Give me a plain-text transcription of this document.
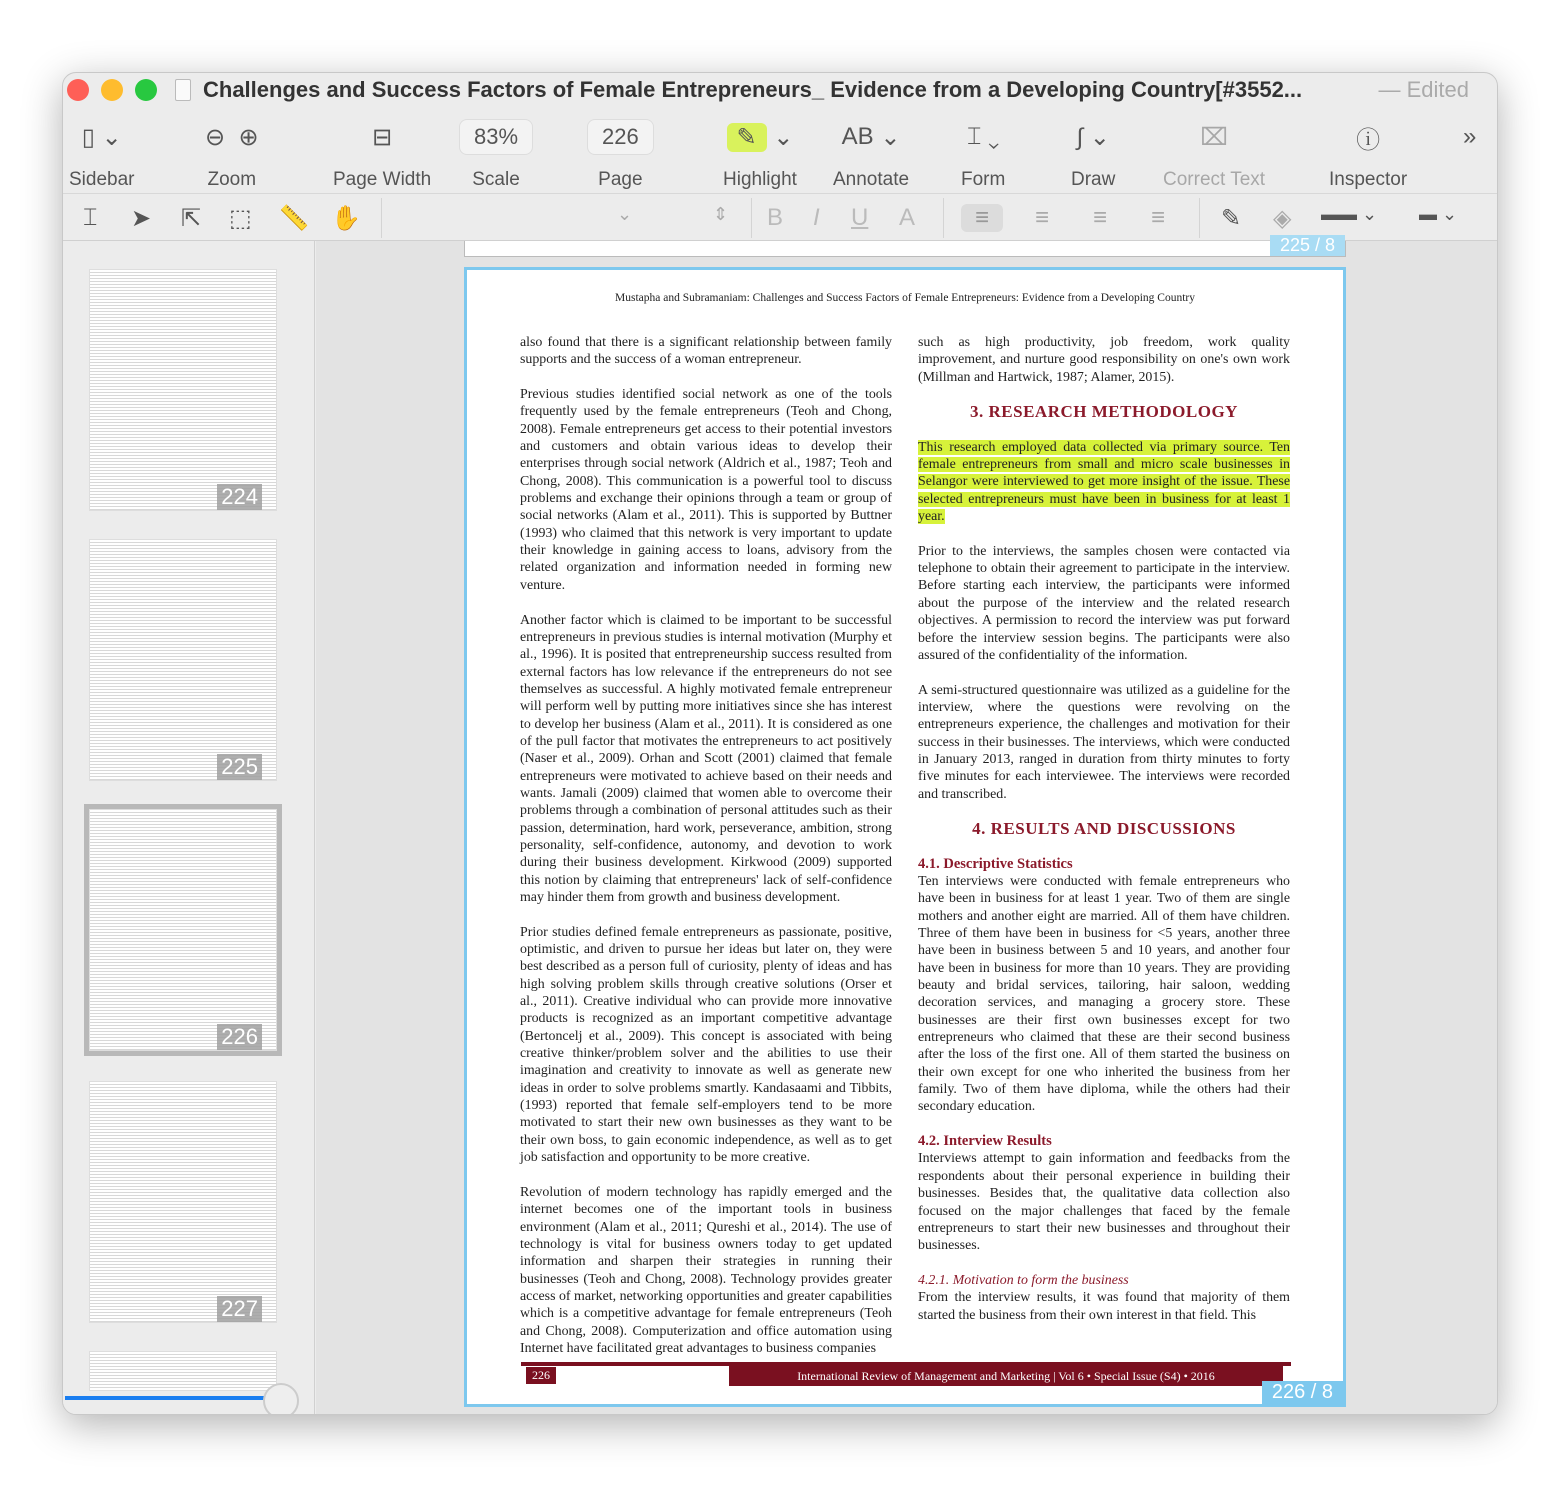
Challenges and Success Factors of Female Entrepreneurs_ Evidence from a Developing Country[#3552...	— Edited
▯ ⌄
Sidebar
⊖  ⊕
Zoom
⊟
Page Width
83%
Scale
226
Page
✎ ⌄
Highlight
AB ⌄
Annotate
⌶ ⌄
Form
∫ ⌄
Draw
⌧
Correct Text
ⓘ
Inspector
»
⌶ ➤ ⇱ ⬚ 📏 ✋	⌄	⇕ B I U A	≡	≡ ≡ ≡ ✎ ◈ ▬▬ ⌄ ▬ ⌄
224
225
226
227
225 / 8
Mustapha and Subramaniam: Challenges and Success Factors of Female Entrepreneurs: Evidence from a Developing Country

also found that there is a significant relationship between family supports and the success of a woman entrepreneur.

Previous studies identified social network as one of the tools frequently used by the female entrepreneurs (Teoh and Chong, 2008). Female entrepreneurs get access to their potential investors and customers and obtain various ideas to develop their enterprises through social network (Aldrich et al., 1987; Teoh and Chong, 2008). This communication is a powerful tool to discuss problems and exchange their opinions through a team or group of social networks (Alam et al., 2011). This is supported by Buttner (1993) who claimed that this network is very important to update their knowledge in gaining access to loans, advisory from the related organization and information needed in forming new venture.

Another factor which is claimed to be important to be successful entrepreneurs in previous studies is internal motivation (Murphy et al., 1996). It is posited that entrepreneurship success resulted from external factors has low relevance if the entrepreneurs do not see themselves as successful. A highly motivated female entrepreneur will perform well by putting more initiatives since she has interest to develop her business (Alam et al., 2011). It is considered as one of the pull factor that motivates the entrepreneurs to act positively (Naser et al., 2009). Orhan and Scott (2001) claimed that female entrepreneurs were motivated to achieve based on their needs and wants. Jamali (2009) claimed that women able to overcome their problems through a combination of personal attitudes such as their passion, determination, hard work, perseverance, ambition, strong personality, self-confidence, autonomy, and devotion to work during their business development. Kirkwood (2009) supported this notion by claiming that entrepreneurs' lack of self-confidence may hinder them from growth and business development.

Prior studies defined female entrepreneurs as passionate, positive, optimistic, and driven to pursue her ideas but later on, they were best described as a person full of curiosity, plenty of ideas and has high solving problem skills through creative solutions (Orser et al., 2011). Creative individual who can provide more innovative products is recognized as an important competitive advantage (Bertoncelj et al., 2009). This concept is associated with being creative thinker/problem solver and the abilities to use their imagination and creativity to innovate as well as generate new ideas in order to solve problems smartly. Kandasaami and Tibbits, (1993) reported that female self-employers tend to be more motivated to start their new own businesses as they want to be their own boss, to gain economic independence, as well as to get job satisfaction and opportunity to be more creative.

Revolution of modern technology has rapidly emerged and the internet becomes one of the important tools in business environment (Alam et al., 2011; Qureshi et al., 2014). The use of technology is vital for business owners today to get updated information and sharpen their strategies in running their businesses (Teoh and Chong, 2008). Technology provides greater access of market, networking opportunities and greater capabilities which is a competitive advantage for female entrepreneurs (Teoh and Chong, 2008). Computerization and office automation using Internet have facilitated great advantages to business companies

such as high productivity, job freedom, work quality improvement, and nurture good responsibility on one's own work (Millman and Hartwick, 1987; Alamer, 2015).

3. RESEARCH METHODOLOGY

This research employed data collected via primary source. Ten female entrepreneurs from small and micro scale businesses in Selangor were interviewed to get more insight of the issue. These selected entrepreneurs must have been in business for at least 1 year.

Prior to the interviews, the samples chosen were contacted via telephone to obtain their agreement to participate in the interview. Before starting each interview, the participants were informed about the purpose of the interview and the related research objectives. A permission to record the interview was put forward before the interview session begins. The participants were also assured of the confidentiality of the information.

A semi-structured questionnaire was utilized as a guideline for the interview, where the questions were revolving on the entrepreneurs experience, the challenges and motivation for their success in their businesses. The interviews, which were conducted in January 2013, ranged in duration from thirty minutes to forty five minutes for each interviewee. The interviews were recorded and transcribed.

4. RESULTS AND DISCUSSIONS
4.1. Descriptive Statistics

Ten interviews were conducted with female entrepreneurs who have been in business for at least 1 year. Two of them are single mothers and another eight are married. All of them have children. Three of them have been in business for <5 years, another three have been in business between 5 and 10 years, and another four have been in business for more than 10 years. They are providing beauty and bridal services, tailoring, hair saloon, wedding decoration services, and managing a grocery store. These businesses are their first own businesses except for two entrepreneurs who claimed that these are their second business after the loss of the first one. All of them started the business on their own except for one who inherited the business from her family. Two of them have diploma, while the others had their secondary education.

4.2. Interview Results

Interviews attempt to gain information and feedbacks from the respondents about their personal experience in building their businesses. Besides that, the qualitative data collection also focused on the major challenges that faced by the female entrepreneurs to start their new businesses and throughout their businesses.

4.2.1. Motivation to form the business

From the interview results, it was found that majority of them started the business from their own interest in that field. This

226	International Review of Management and Marketing | Vol 6 • Special Issue (S4) • 2016
226 / 8
